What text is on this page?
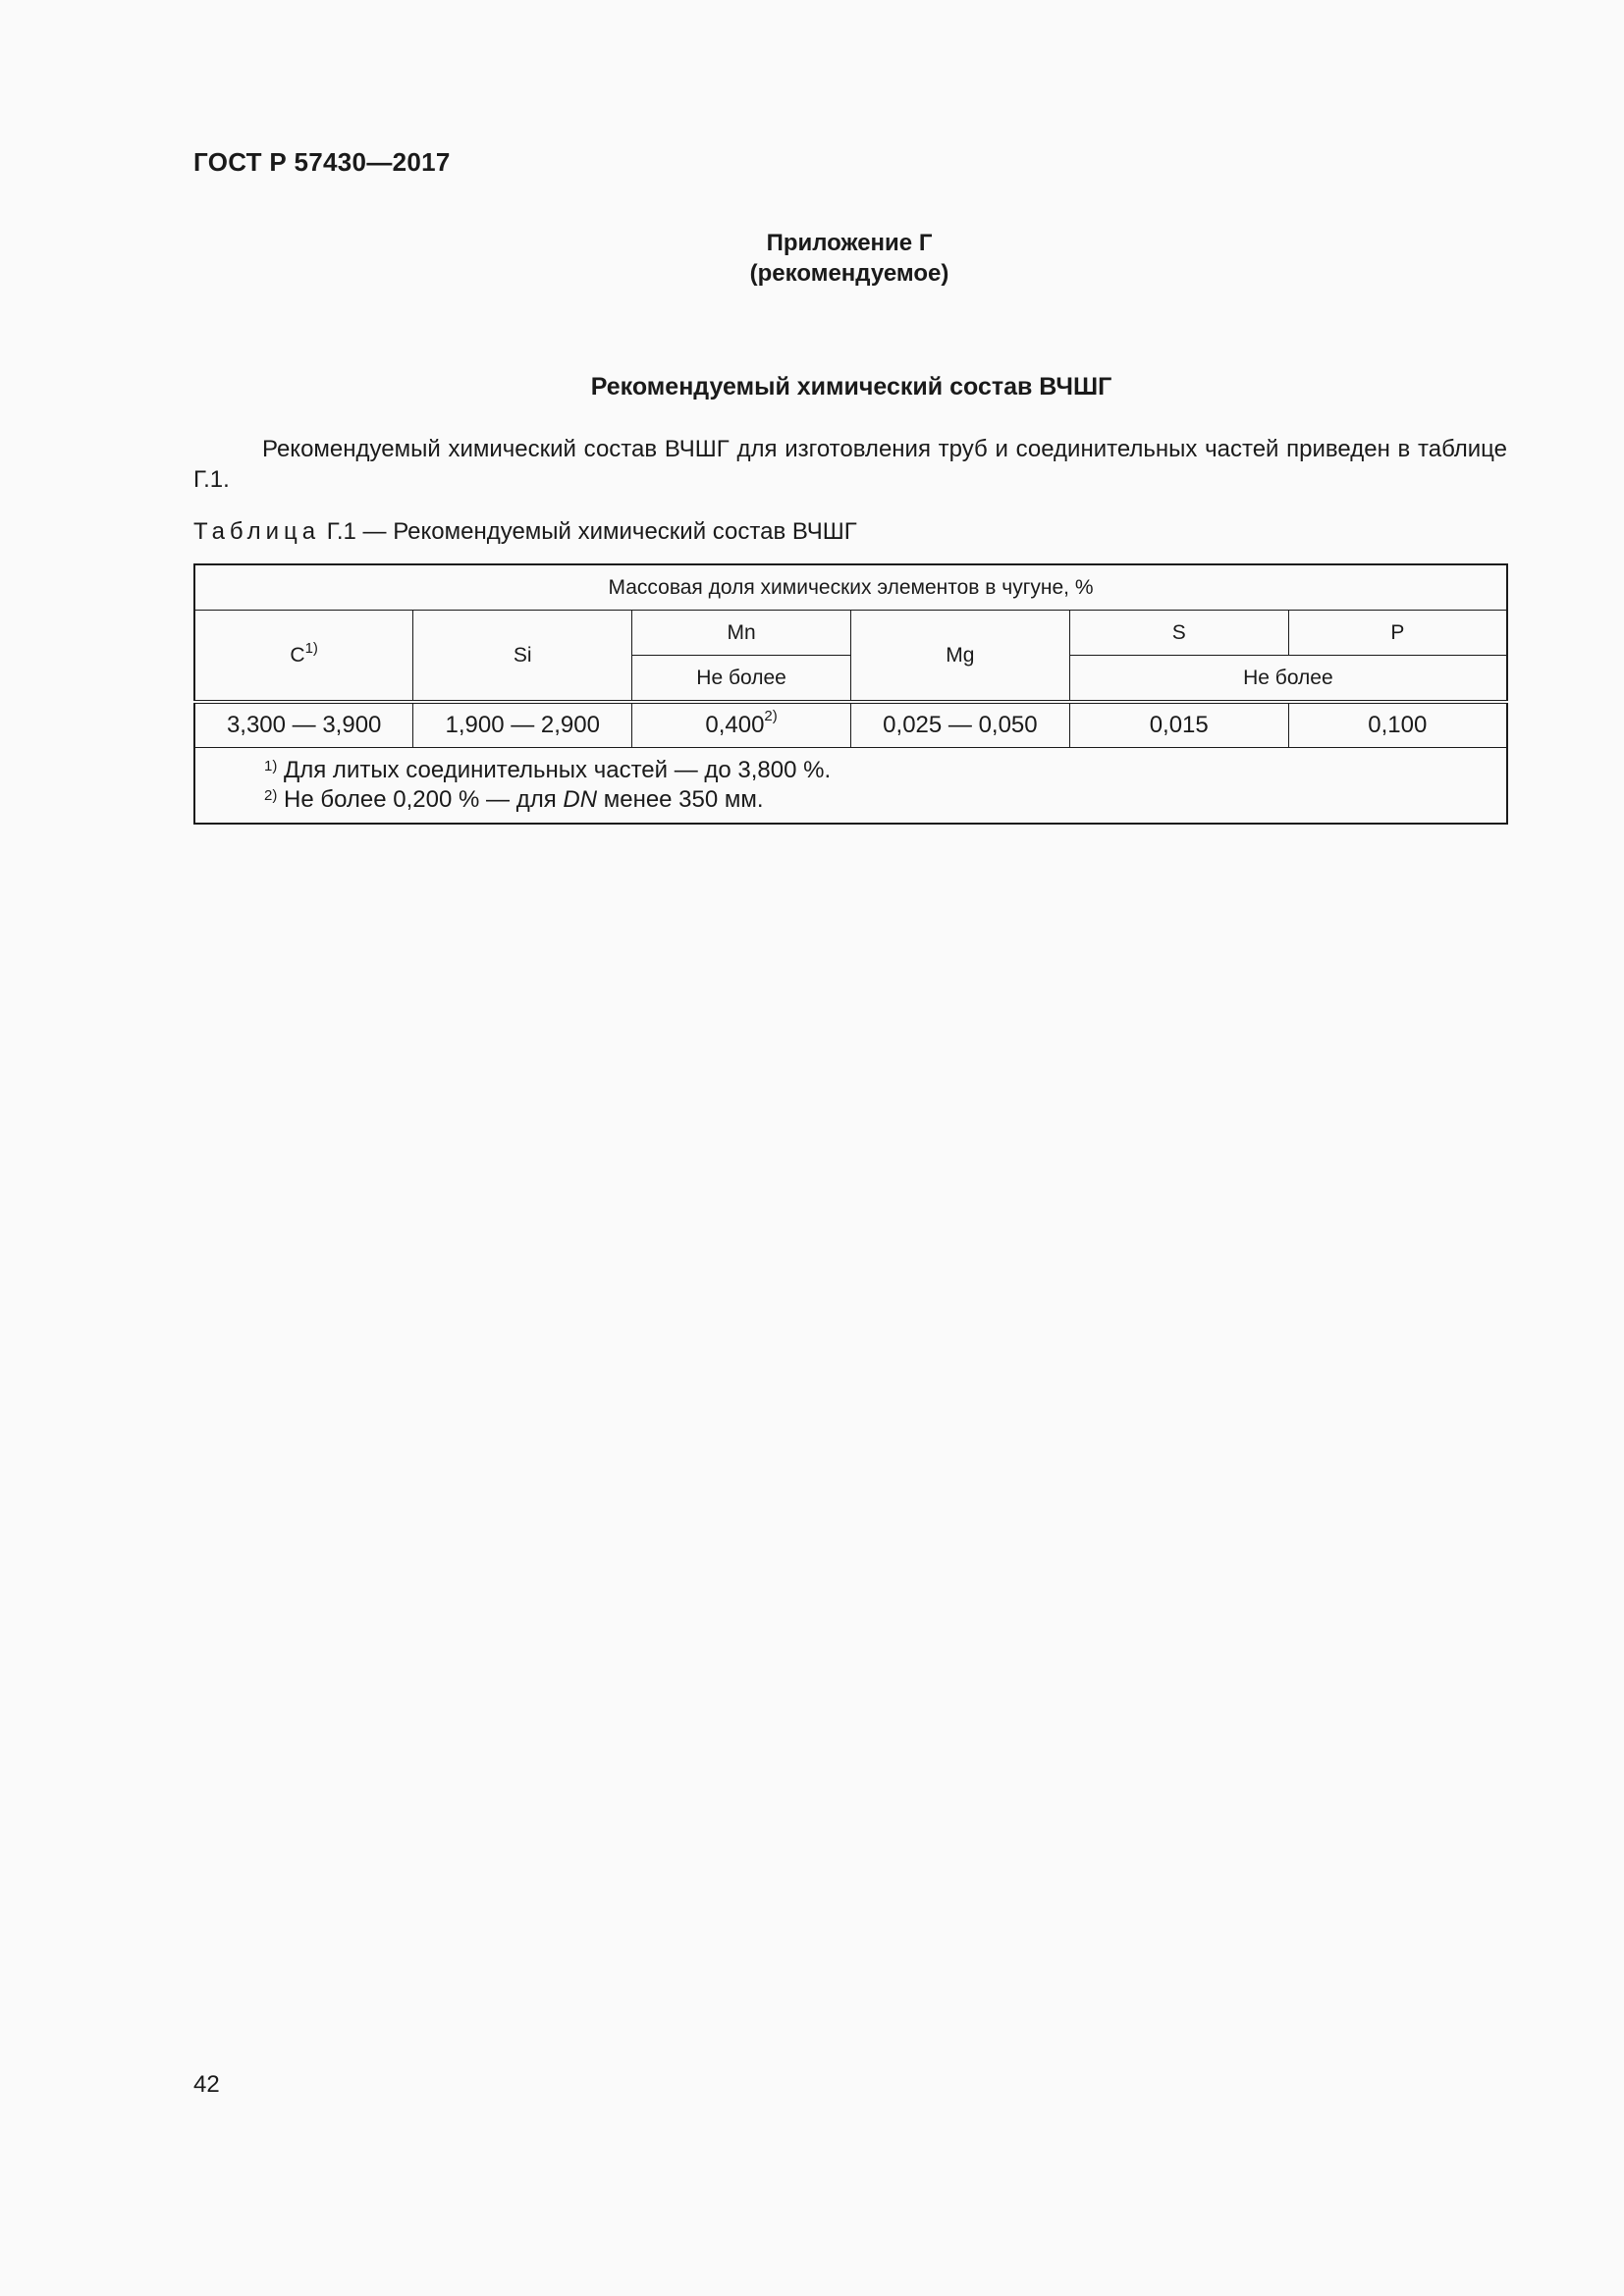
ГОСТ Р 57430—2017
Приложение Г
(рекомендуемое)
Рекомендуемый химический состав ВЧШГ

Рекомендуемый химический состав ВЧШГ для изготовления труб и соединительных частей приведен в таблице Г.1.

Таблица Г.1 — Рекомендуемый химический состав ВЧШГ
Массовая доля химических элементов в чугуне, %					
$С^{1)}$	Si	Mn	Mg	S	P
		Не более		Не более	
3,300 — 3,900	1,900 — 2,900	0,400$^{2)}$	0,025 — 0,050	0,015	0,100

$^{1)}$ Для литых соединительных частей — до 3,800 %.
$^{2)}$ Не более 0,200 % — для DN менее 350 мм.					
42
